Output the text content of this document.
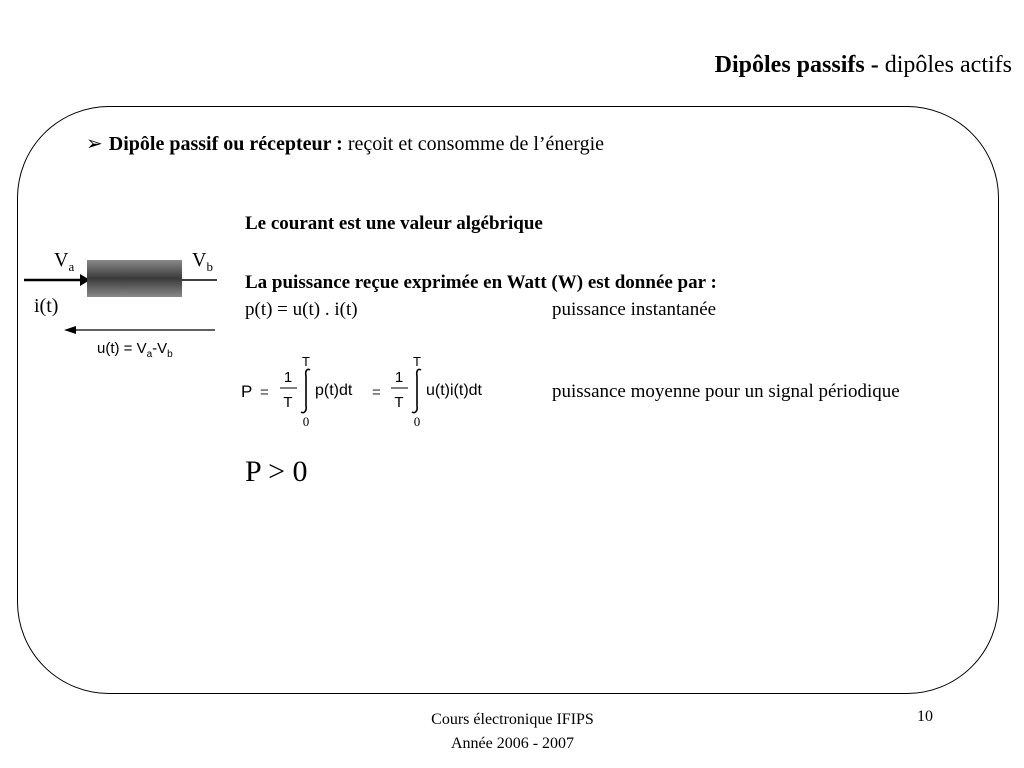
Dipôles passifs - dipôles actifs
➢ Dipôle passif ou récepteur : reçoit et consomme de l’énergie
$V_a$	$V_b$
i(t)
$u(t) = V_a-V_b$
Le courant est une valeur algébrique
La puissance reçue exprimée en Watt (W) est donnée par :
p(t) = u(t) . i(t)	puissance instantanée
puissance moyenne pour un signal périodique
P > 0
P =
1
T
T
0
p(t)dt =
1
T
T
0
u(t)i(t)dt
Cours électronique IFIPS
Année 2006 - 2007
10
